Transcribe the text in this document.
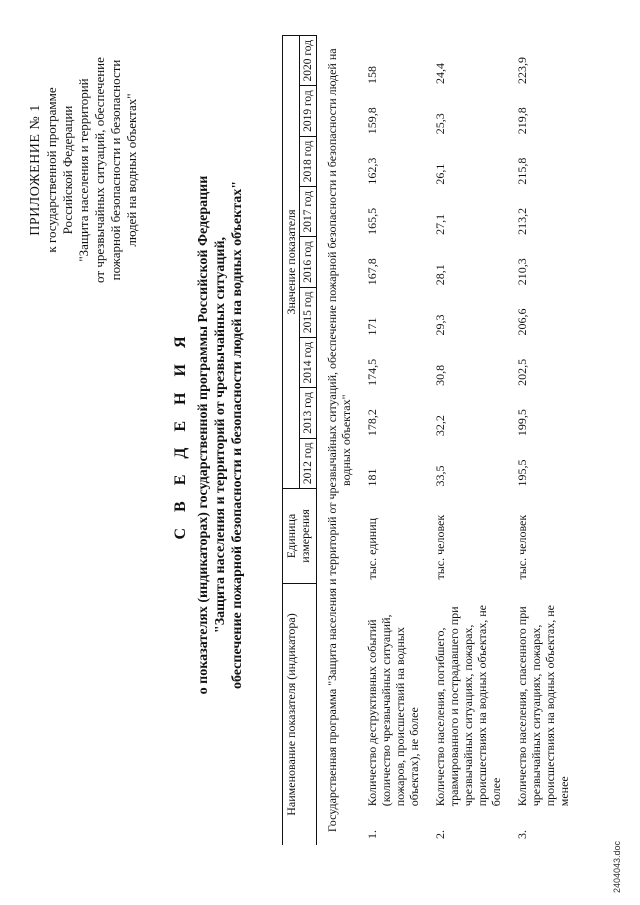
ПРИЛОЖЕНИЕ № 1 к государственной программе Российской Федерации "Защита населения и территорий от чрезвычайных ситуаций, обеспечение пожарной безопасности и безопасности людей на водных объектах"
С В Е Д Е Н И Я о показателях (индикаторах) государственной программы Российской Федерации "Защита населения и территорий от чрезвычайных ситуаций, обеспечение пожарной безопасности и безопасности людей на водных объектах"
Наименование показателя (индикатора)		Единица измерения	Значение показателя								
			2012 год	2013 год	2014 год	2015 год	2016 год	2017 год	2018 год	2019 год	2020 год
Государственная программа "Защита населения и территорий от чрезвычайных ситуаций, обеспечение пожарной безопасности и безопасности людей на водных объектах"											
1.	Количество деструктивных событий (количество чрезвычайных ситуаций, пожаров, происшествий на водных объектах), не более	тыс. единиц	181	178,2	174,5	171	167,8	165,5	162,3	159,8	158
2.	Количество населения, погибшего, травмированного и пострадавшего при чрезвычайных ситуациях, пожарах, происшествиях на водных объектах, не более	тыс. человек	33,5	32,2	30,8	29,3	28,1	27,1	26,1	25,3	24,4
3.	Количество населения, спасенного при чрезвычайных ситуациях, пожарах, происшествиях на водных объектах, не менее	тыс. человек	195,5	199,5	202,5	206,6	210,3	213,2	215,8	219,8	223,9
2404043.doc
